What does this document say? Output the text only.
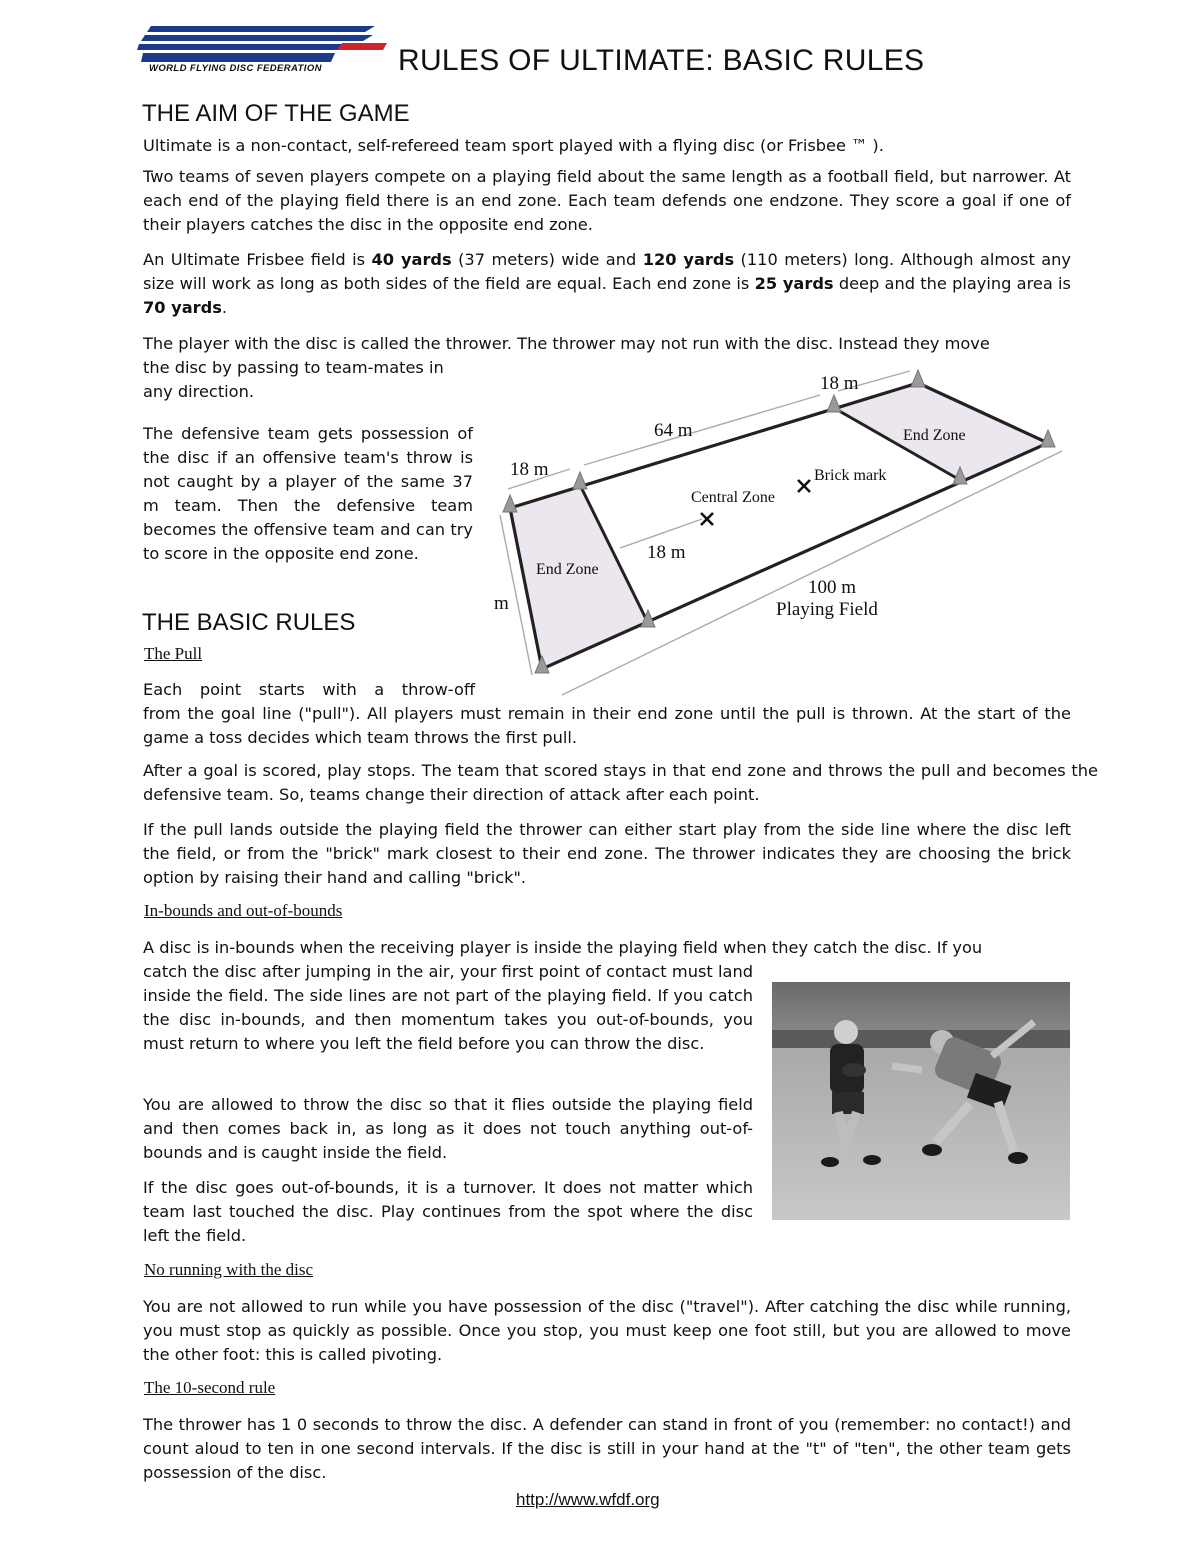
WORLD FLYING DISC FEDERATION	RULES OF ULTIMATE: BASIC RULES
THE AIM OF THE GAME

Ultimate is a non-contact, self-refereed team sport played with a flying disc (or Frisbee ™ ).

Two teams of seven players compete on a playing field about the same length as a football field, but narrower. At each end of the playing field there is an end zone. Each team defends one endzone. They score a goal if one of their players catches the disc in the opposite end zone.

An Ultimate Frisbee field is 40 yards (37 meters) wide and 120 yards (110 meters) long. Although almost any size will work as long as both sides of the field are equal. Each end zone is 25 yards deep and the playing area is 70 yards.

The player with the disc is called the thrower. The thrower may not run with the disc. Instead they move

the disc by passing to team-mates in

any direction.

The defensive team gets possession of the disc if an offensive team's throw is not caught by a player of the same 37 m team. Then the defensive team becomes the offensive team and can try to score in the opposite end zone.

18 m
64 m
18 m
End Zone
Brick mark
Central Zone
18 m
End Zone
100 m
Playing Field
m
THE BASIC RULES
The Pull

Each point starts with a throw-off

from the goal line ("pull"). All players must remain in their end zone until the pull is thrown. At the start of the game a toss decides which team throws the first pull.

After a goal is scored, play stops. The team that scored stays in that end zone and throws the pull and becomes the defensive team. So, teams change their direction of attack after each point.

If the pull lands outside the playing field the thrower can either start play from the side line where the disc left the field, or from the "brick" mark closest to their end zone. The thrower indicates they are choosing the brick option by raising their hand and calling "brick".

In-bounds and out-of-bounds

A disc is in-bounds when the receiving player is inside the playing field when they catch the disc. If you

catch the disc after jumping in the air, your first point of contact must land inside the field. The side lines are not part of the playing field. If you catch the disc in-bounds, and then momentum takes you out-of-bounds, you must return to where you left the field before you can throw the disc.

You are allowed to throw the disc so that it flies outside the playing field and then comes back in, as long as it does not touch anything out-of-bounds and is caught inside the field.

If the disc goes out-of-bounds, it is a turnover. It does not matter which team last touched the disc. Play continues from the spot where the disc left the field.

No running with the disc

You are not allowed to run while you have possession of the disc ("travel"). After catching the disc while running, you must stop as quickly as possible. Once you stop, you must keep one foot still, but you are allowed to move the other foot: this is called pivoting.

The 10-second rule

The thrower has 1 0 seconds to throw the disc. A defender can stand in front of you (remember: no contact!) and count aloud to ten in one second intervals. If the disc is still in your hand at the "t" of "ten", the other team gets possession of the disc.

http://www.wfdf.org
